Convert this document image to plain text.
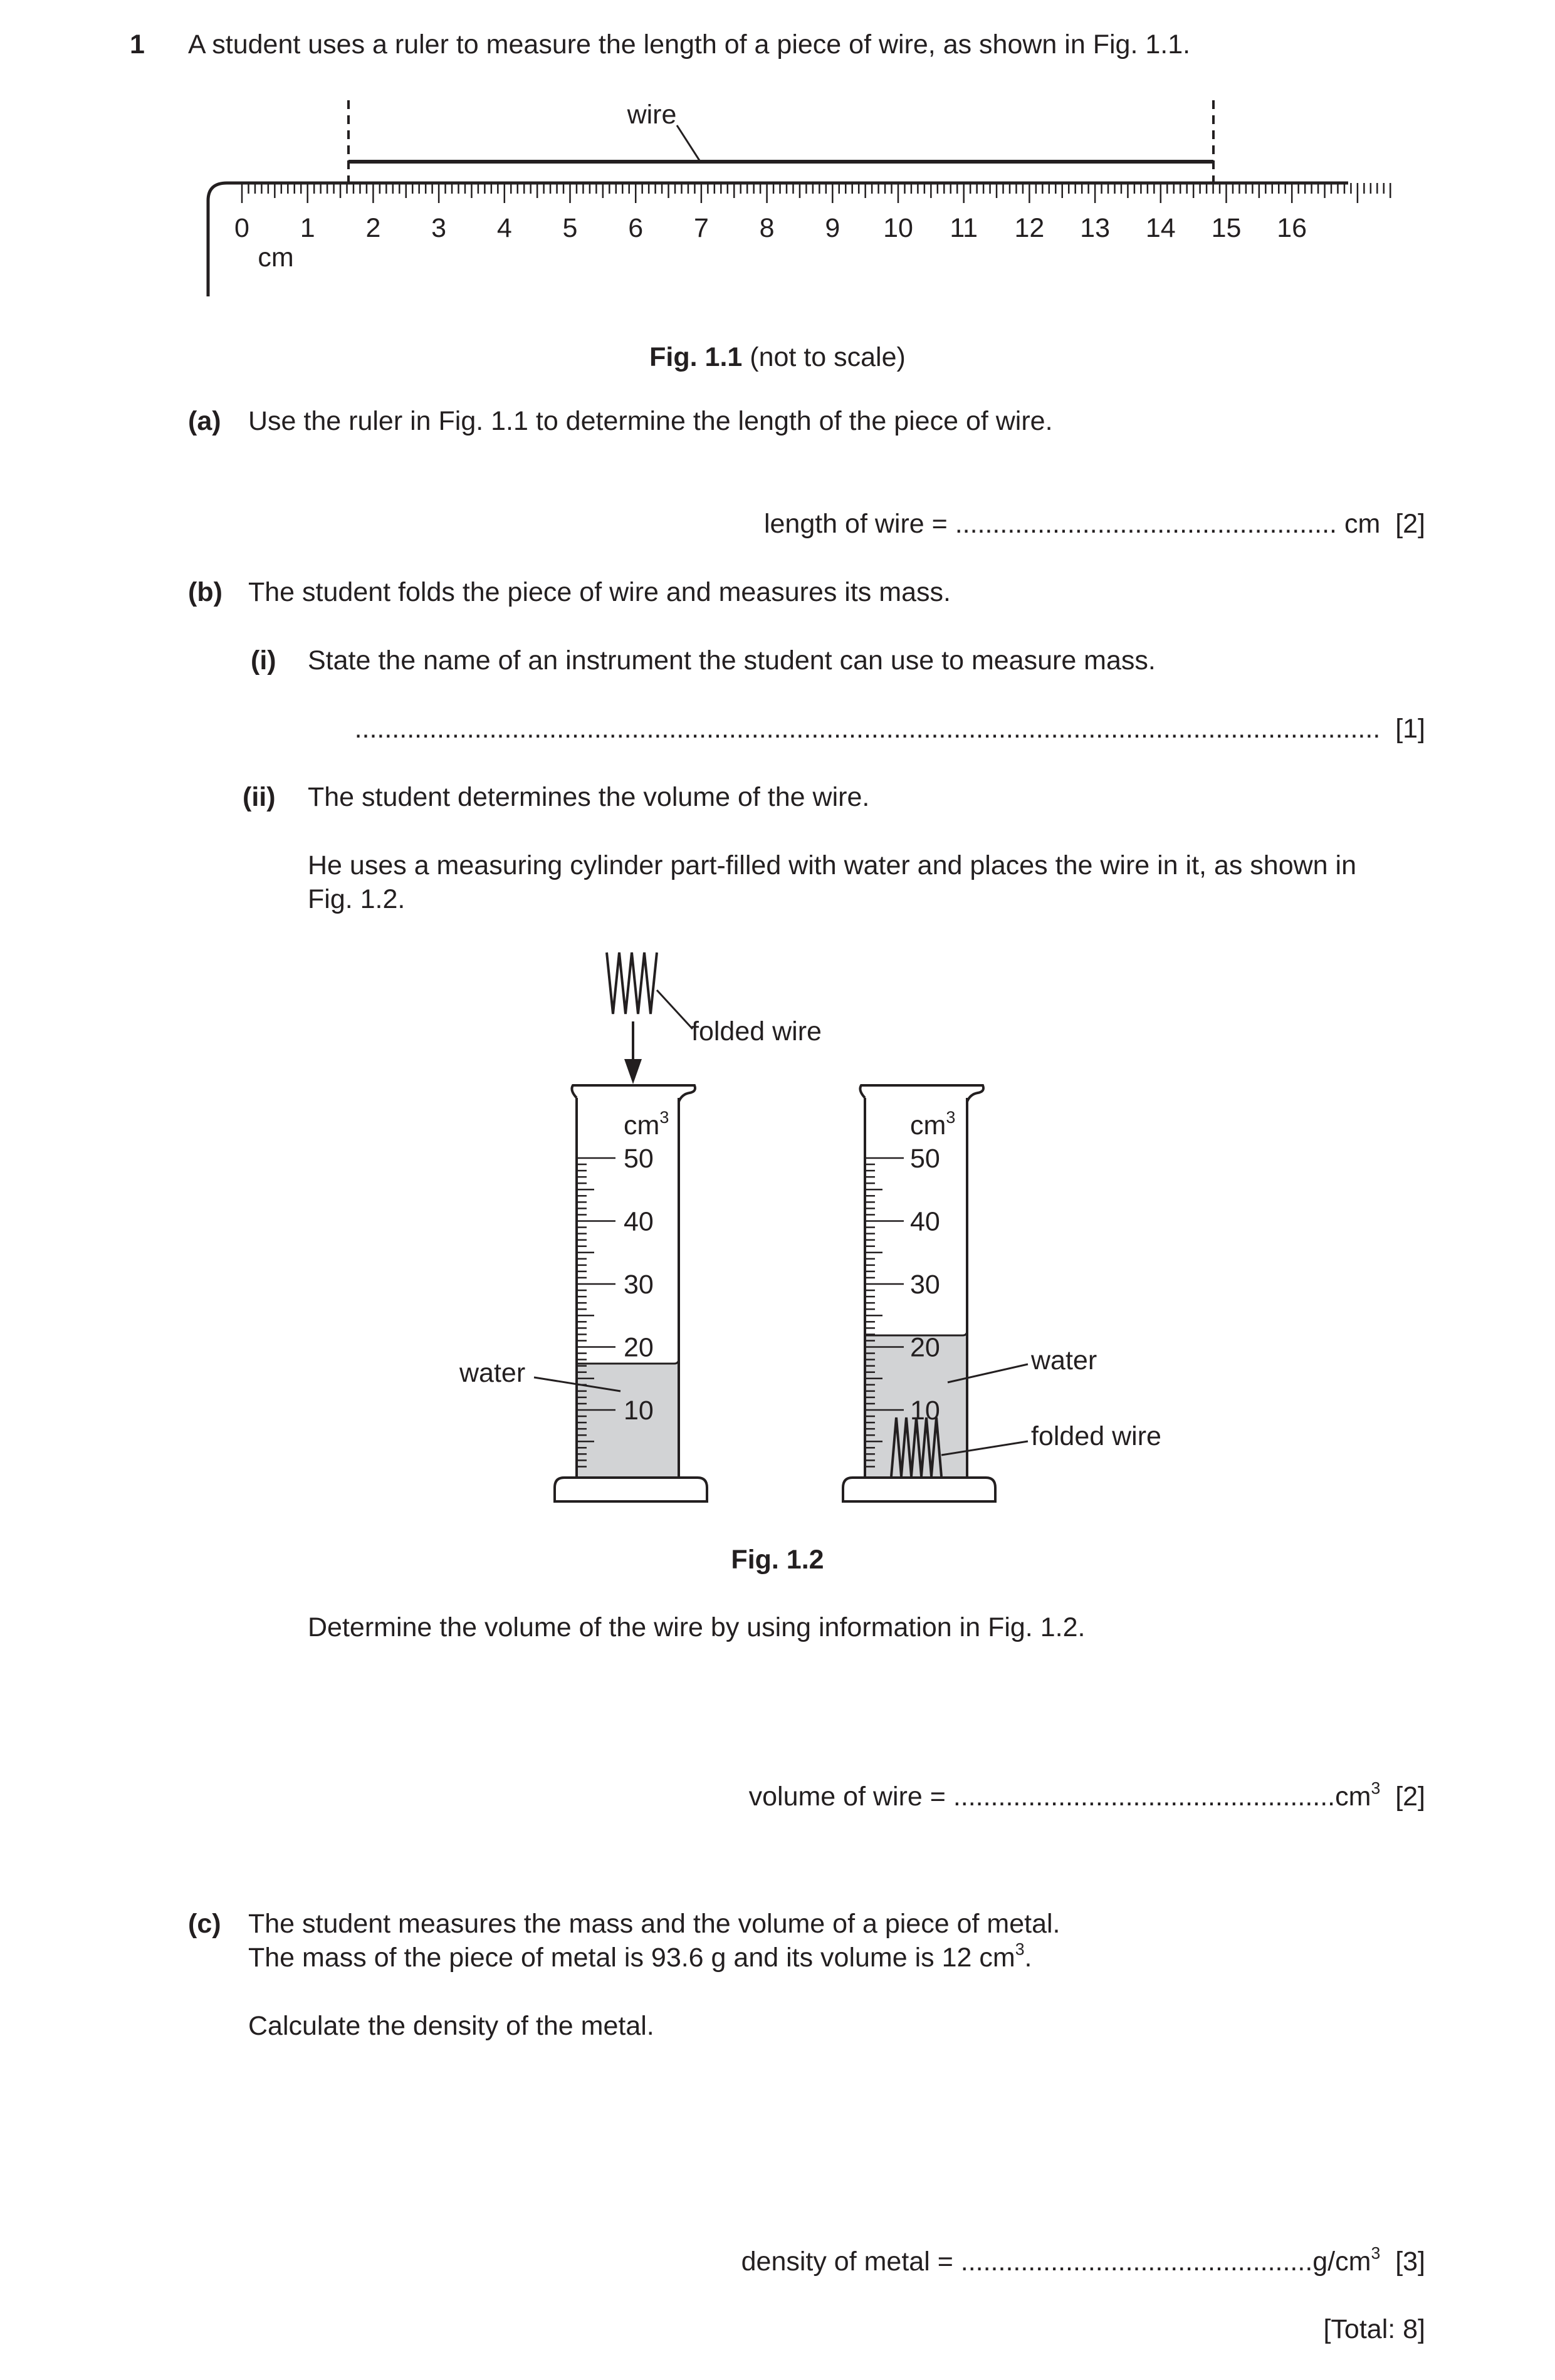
1 A student uses a ruler to measure the length of a piece of wire, as shown in Fig. 1.1.
wire
0 1 2 3 4 5 6 7 8 9 10 11 12 13 14 15 16
cm
Fig. 1.1 (not to scale)
(a) Use the ruler in Fig. 1.1 to determine the length of the piece of wire.
length of wire = ................................................... cm [2]
(b) The student folds the piece of wire and measures its mass.
(i) State the name of an instrument the student can use to measure mass.
......................................................................................................................................... [1]
(ii) The student determines the volume of the wire.
He uses a measuring cylinder part-filled with water and places the wire in it, as shown in
Fig. 1.2.
folded wire
$cm^3$
50
40
30
20
10
water
$cm^3$
50
40
30
20
10
water
folded wire
Fig. 1.2
Determine the volume of the wire by using information in Fig. 1.2.
volume of wire = $...................................................cm^3$ [2]
(c) The student measures the mass and the volume of a piece of metal.
The mass of the piece of metal is 93.6 g and its volume is 12 $cm^3$.
Calculate the density of the metal.
density of metal = $...............................................g/cm^3$ [3]
[Total: 8]
